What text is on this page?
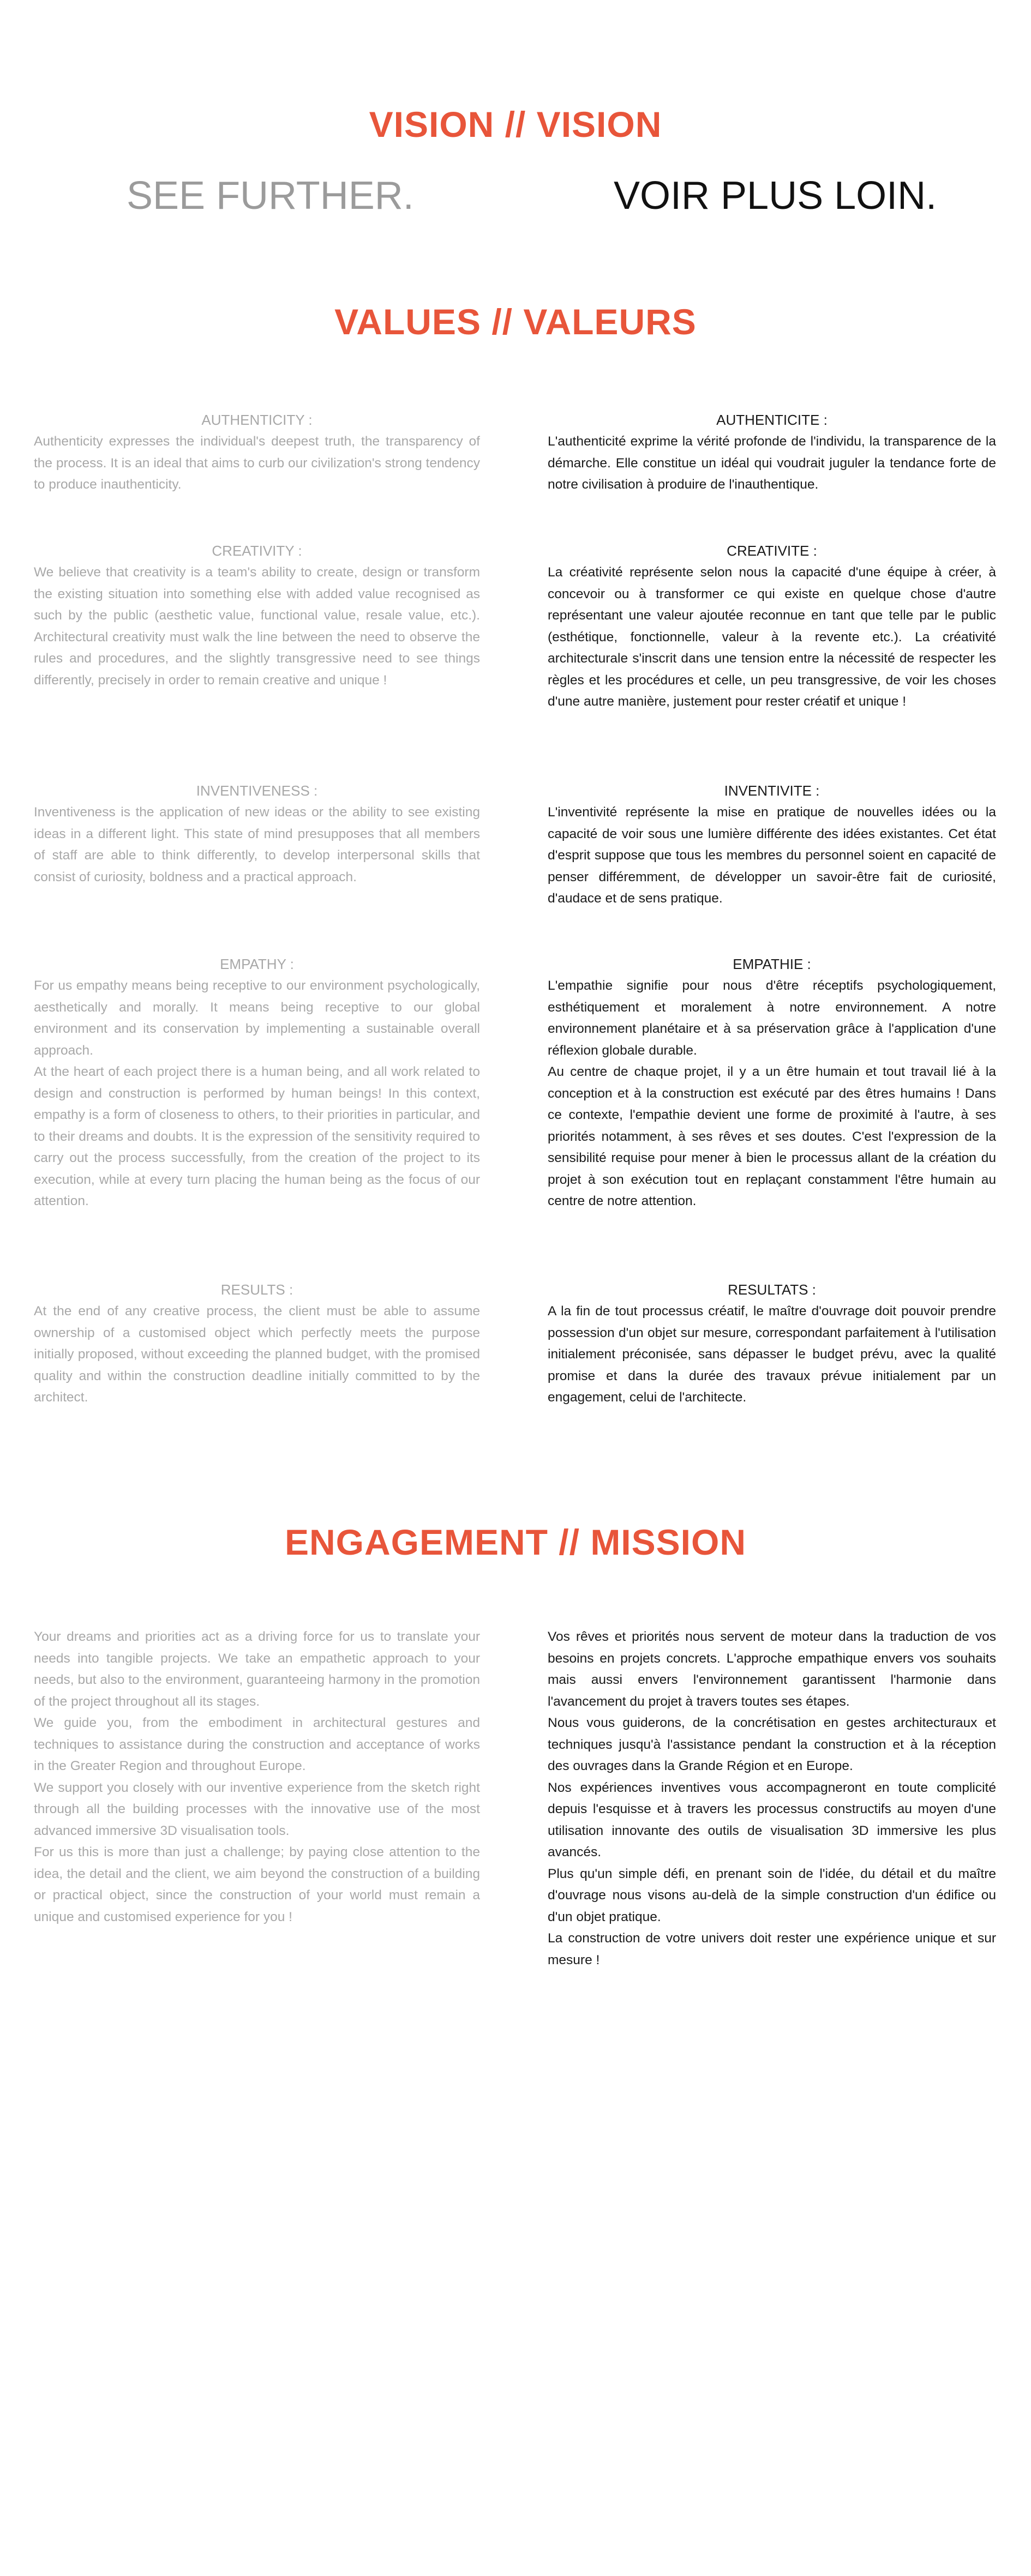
VISION // VISION

SEE FURTHER.	VOIR PLUS LOIN.

VALUES // VALEURS
AUTHENTICITY :

Authenticity expresses the individual's deepest truth, the transparency of the process. It is an ideal that aims to curb our civilization's strong tendency to produce inauthenticity.

AUTHENTICITE :

L'authenticité exprime la vérité profonde de l'individu, la transparence de la démarche. Elle constitue un idéal qui voudrait juguler la tendance forte de notre civilisation à produire de l'inauthentique.

CREATIVITY :

We believe that creativity is a team's ability to create, design or transform the existing situation into something else with added value recognised as such by the public (aesthetic value, functional value, resale value, etc.). Architectural creativity must walk the line between the need to observe the rules and procedures, and the slightly transgressive need to see things differently, precisely in order to remain creative and unique !

CREATIVITE :

La créativité représente selon nous la capacité d'une équipe à créer, à concevoir ou à transformer ce qui existe en quelque chose d'autre représentant une valeur ajoutée reconnue en tant que telle par le public (esthétique, fonctionnelle, valeur à la revente etc.). La créativité architecturale s'inscrit dans une tension entre la nécessité de respecter les règles et les procédures et celle, un peu transgressive, de voir les choses d'une autre manière, justement pour rester créatif et unique !

INVENTIVENESS :

Inventiveness is the application of new ideas or the ability to see existing ideas in a different light. This state of mind presupposes that all members of staff are able to think differently, to develop interpersonal skills that consist of curiosity, boldness and a practical approach.

INVENTIVITE :

L'inventivité représente la mise en pratique de nouvelles idées ou la capacité de voir sous une lumière différente des idées existantes. Cet état d'esprit suppose que tous les membres du personnel soient en capacité de penser différemment, de développer un savoir-être fait de curiosité, d'audace et de sens pratique.

EMPATHY :

For us empathy means being receptive to our environment psychologically, aesthetically and morally. It means being receptive to our global environment and its conservation by implementing a sustainable overall approach.

At the heart of each project there is a human being, and all work related to design and construction is performed by human beings! In this context, empathy is a form of closeness to others, to their priorities in particular, and to their dreams and doubts. It is the expression of the sensitivity required to carry out the process successfully, from the creation of the project to its execution, while at every turn placing the human being as the focus of our attention.

EMPATHIE :

L'empathie signifie pour nous d'être réceptifs psychologiquement, esthétiquement et moralement à notre environnement. A notre environnement planétaire et à sa préservation grâce à l'application d'une réflexion globale durable.

Au centre de chaque projet, il y a un être humain et tout travail lié à la conception et à la construction est exécuté par des êtres humains ! Dans ce contexte, l'empathie devient une forme de proximité à l'autre, à ses priorités notamment, à ses rêves et ses doutes. C'est l'expression de la sensibilité requise pour mener à bien le processus allant de la création du projet à son exécution tout en replaçant constamment l'être humain au centre de notre attention.

RESULTS :

At the end of any creative process, the client must be able to assume ownership of a customised object which perfectly meets the purpose initially proposed, without exceeding the planned budget, with the promised quality and within the construction deadline initially committed to by the architect.

RESULTATS :

A la fin de tout processus créatif, le maître d'ouvrage doit pouvoir prendre possession d'un objet sur mesure, correspondant parfaitement à l'utilisation initialement préconisée, sans dépasser le budget prévu, avec la qualité promise et dans la durée des travaux prévue initialement par un engagement, celui de l'architecte.

ENGAGEMENT // MISSION

Your dreams and priorities act as a driving force for us to translate your needs into tangible projects. We take an empathetic approach to your needs, but also to the environment, guaranteeing harmony in the promotion of the project throughout all its stages.

We guide you, from the embodiment in architectural gestures and techniques to assistance during the construction and acceptance of works in the Greater Region and throughout Europe.

We support you closely with our inventive experience from the sketch right through all the building processes with the innovative use of the most advanced immersive 3D visualisation tools.

For us this is more than just a challenge; by paying close attention to the idea, the detail and the client, we aim beyond the construction of a building or practical object, since the construction of your world must remain a unique and customised experience for you !

Vos rêves et priorités nous servent de moteur dans la traduction de vos besoins en projets concrets. L'approche empathique envers vos souhaits mais aussi envers l'environnement garantissent l'harmonie dans l'avancement du projet à travers toutes ses étapes.

Nous vous guiderons, de la concrétisation en gestes architecturaux et techniques jusqu'à l'assistance pendant la construction et à la réception des ouvrages dans la Grande Région et en Europe.

Nos expériences inventives vous accompagneront en toute complicité depuis l'esquisse et à travers les processus constructifs au moyen d'une utilisation innovante des outils de visualisation 3D immersive les plus avancés.

Plus qu'un simple défi, en prenant soin de l'idée, du détail et du maître d'ouvrage nous visons au-delà de la simple construction d'un édifice ou d'un objet pratique.

La construction de votre univers doit rester une expérience unique et sur mesure !
